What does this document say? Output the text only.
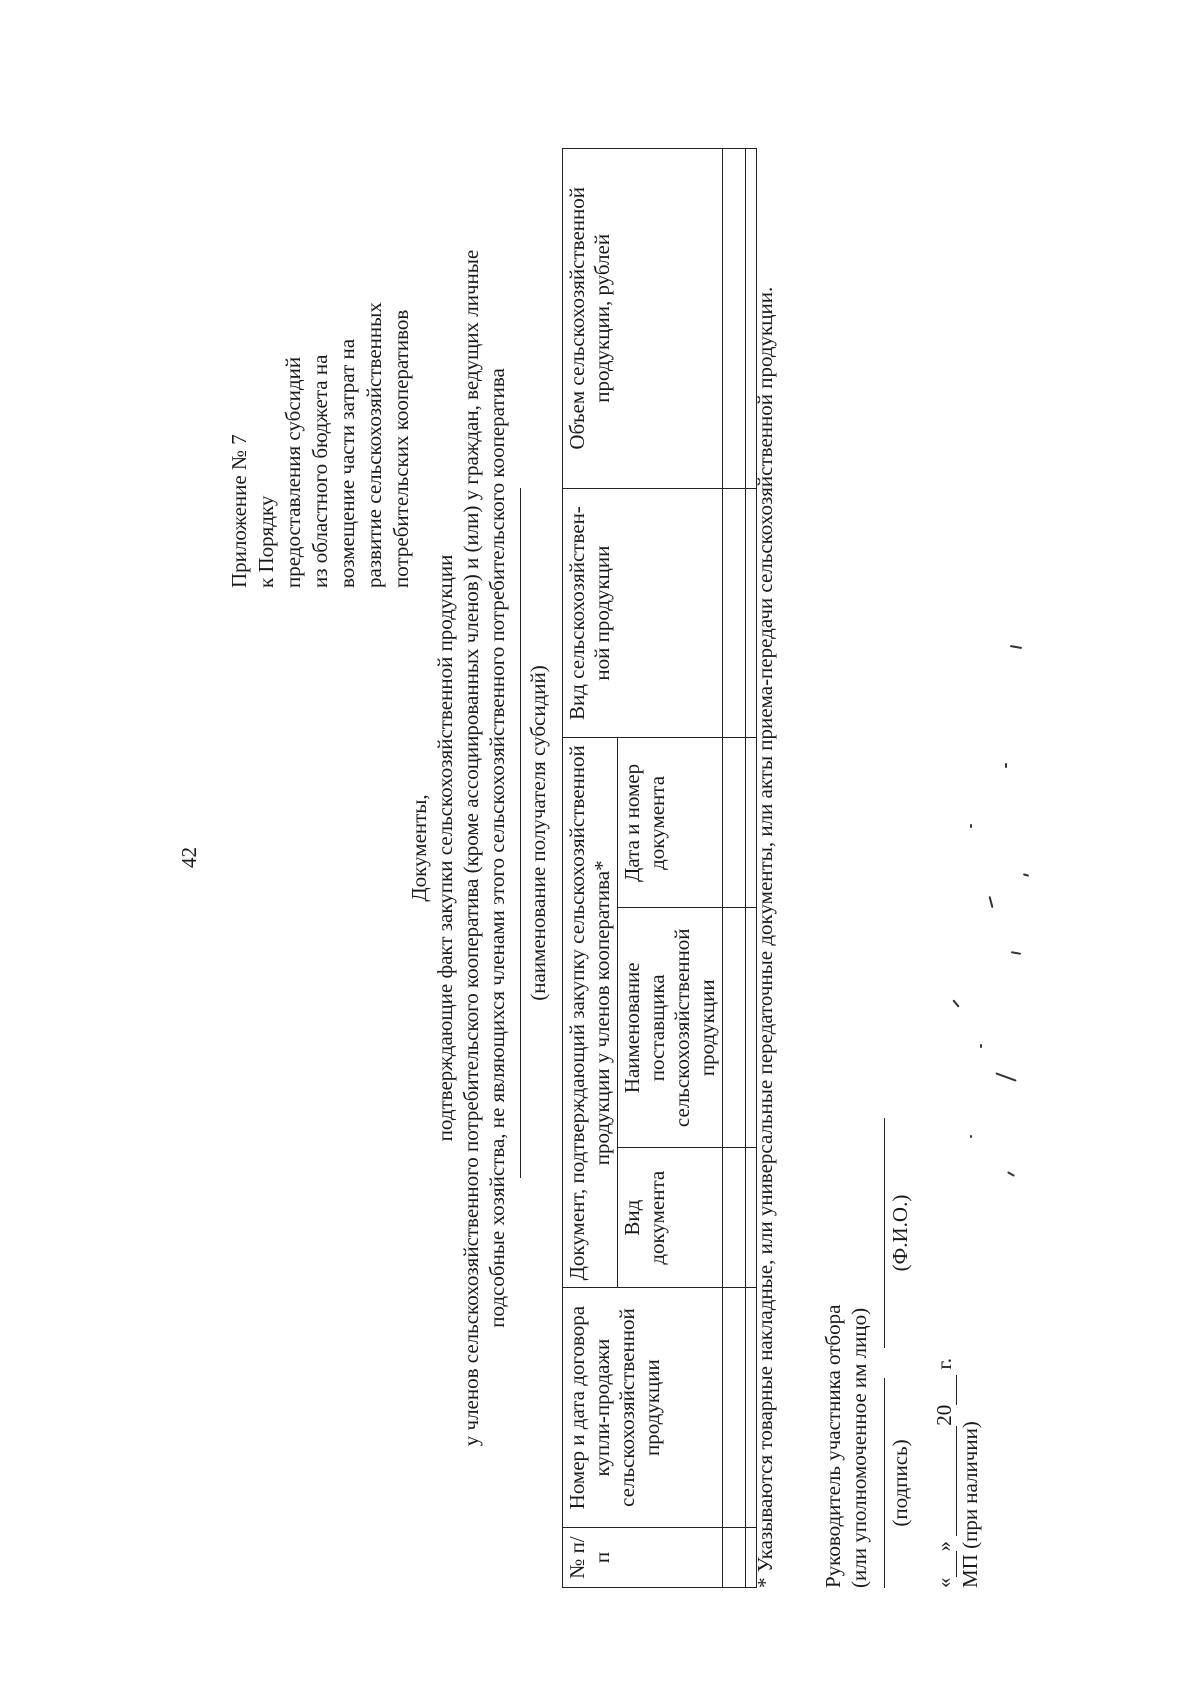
42
Приложение № 7 к Порядку предоставления субсидий из областного бюджета на возмещение части затрат на развитие сельскохозяйственных потребительских кооперативов
Документы, подтверждающие факт закупки сельскохозяйственной продукции у членов сельскохозяйственного потребительского кооператива (кроме ассоциированных членов) и (или) у граждан, ведущих личные подсобные хозяйства, не являющихся членами этого сельскохозяйственного потребительского кооператива (наименование получателя субсидий)
№ п/п	Номер и дата договора купли-продажи сельскохозяйственной продукции	Документ, подтверждающий закупку сельскохозяйственной продукции у членов кооператива*			Вид сельскохозяйствен-ной продукции	Объем сельскохозяйственной продукции, рублей
		Вид документа	Наименование поставщика сельскохозяйственной продукции	Дата и номер документа		

							* Указываются товарные накладные, или универсальные передаточные документы, или акты приема-передачи сельскохозяйственной продукции. Руководитель участника отбора (или уполномоченное им лицо) (подпись)
(Ф.И.О.)
«» 20 г.
МП (при наличии)
